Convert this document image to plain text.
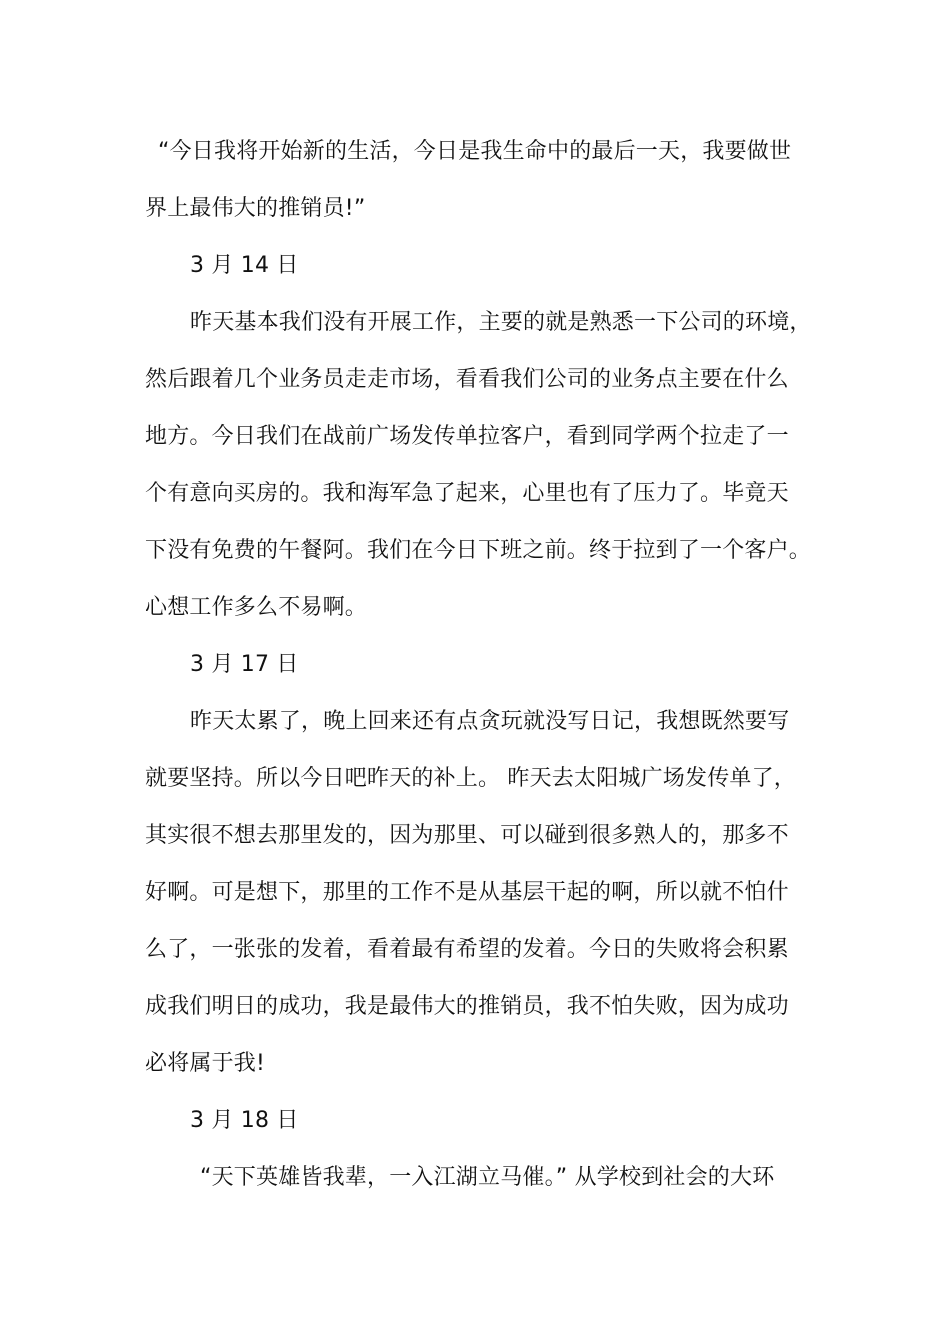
“今日我将开始新的生活，今日是我生命中的最后一天，我要做世
界上最伟大的推销员!”
3 月 14 日
昨天基本我们没有开展工作，主要的就是熟悉一下公司的环境，
然后跟着几个业务员走走市场，看看我们公司的业务点主要在什么
地方。今日我们在战前广场发传单拉客户，看到同学两个拉走了一
个有意向买房的。我和海军急了起来，心里也有了压力了。毕竟天
下没有免费的午餐阿。我们在今日下班之前。终于拉到了一个客户。
心想工作多么不易啊。
3 月 17 日
昨天太累了，晚上回来还有点贪玩就没写日记，我想既然要写
就要坚持。所以今日吧昨天的补上。 昨天去太阳城广场发传单了，
其实很不想去那里发的，因为那里、可以碰到很多熟人的，那多不
好啊。可是想下，那里的工作不是从基层干起的啊，所以就不怕什
么了，一张张的发着，看着最有希望的发着。今日的失败将会积累
成我们明日的成功，我是最伟大的推销员，我不怕失败，因为成功
必将属于我!
3 月 18 日
“天下英雄皆我辈，一入江湖立马催。” 从学校到社会的大环
